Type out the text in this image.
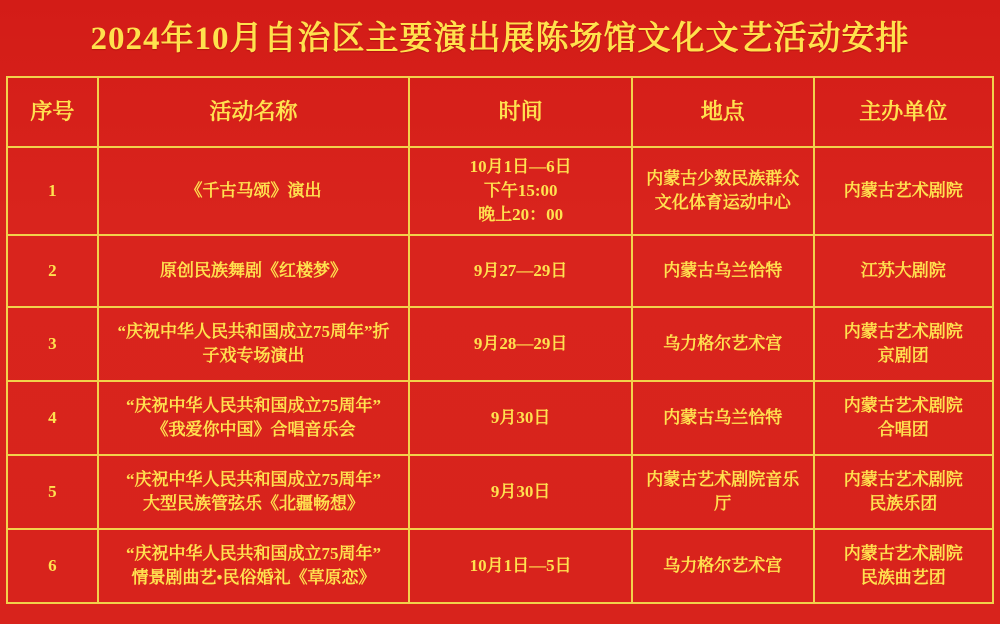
2024年10月自治区主要演出展陈场馆文化文艺活动安排
序号	活动名称	时间	地点	主办单位
1	《千古马颂》演出	10月1日—6日
下午15:00
晚上20：00	内蒙古少数民族群众
文化体育运动中心	内蒙古艺术剧院

2	原创民族舞剧《红楼梦》	9月27—29日	内蒙古乌兰恰特	江苏大剧院

3	“庆祝中华人民共和国成立75周年”折
子戏专场演出	9月28—29日	乌力格尔艺术宫	内蒙古艺术剧院
京剧团

4	“庆祝中华人民共和国成立75周年”
《我爱你中国》合唱音乐会	9月30日	内蒙古乌兰恰特	内蒙古艺术剧院
合唱团

5	“庆祝中华人民共和国成立75周年”
大型民族管弦乐《北疆畅想》	9月30日	内蒙古艺术剧院音乐
厅	内蒙古艺术剧院
民族乐团

6	“庆祝中华人民共和国成立75周年”
情景剧曲艺•民俗婚礼《草原恋》	10月1日—5日	乌力格尔艺术宫	内蒙古艺术剧院
民族曲艺团
